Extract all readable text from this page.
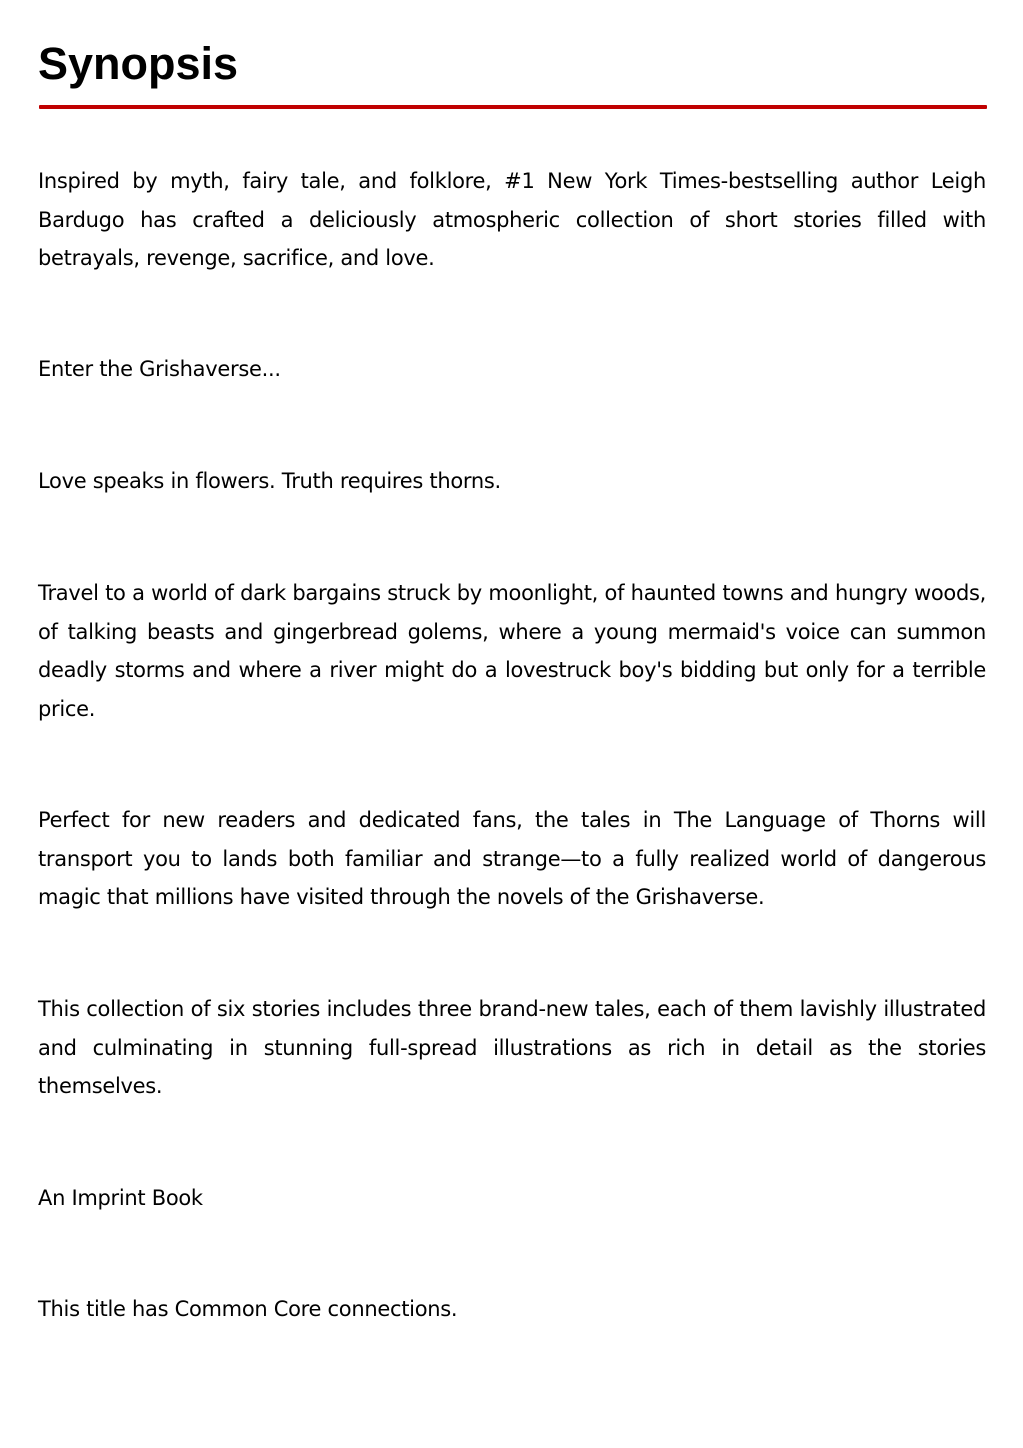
Synopsis

Inspired by myth, fairy tale, and folklore, #1 New York Times-bestselling author Leigh Bardugo has crafted a deliciously atmospheric collection of short stories filled with betrayals, revenge, sacrifice, and love.

Enter the Grishaverse...

Love speaks in flowers. Truth requires thorns.

Travel to a world of dark bargains struck by moonlight, of haunted towns and hungry woods, of talking beasts and gingerbread golems, where a young mermaid's voice can summon deadly storms and where a river might do a lovestruck boy's bidding but only for a terrible price.

Perfect for new readers and dedicated fans, the tales in The Language of Thorns will transport you to lands both familiar and strange—to a fully realized world of dangerous magic that millions have visited through the novels of the Grishaverse.

This collection of six stories includes three brand-new tales, each of them lavishly illustrated and culminating in stunning full-spread illustrations as rich in detail as the stories themselves.

An Imprint Book

This title has Common Core connections.
